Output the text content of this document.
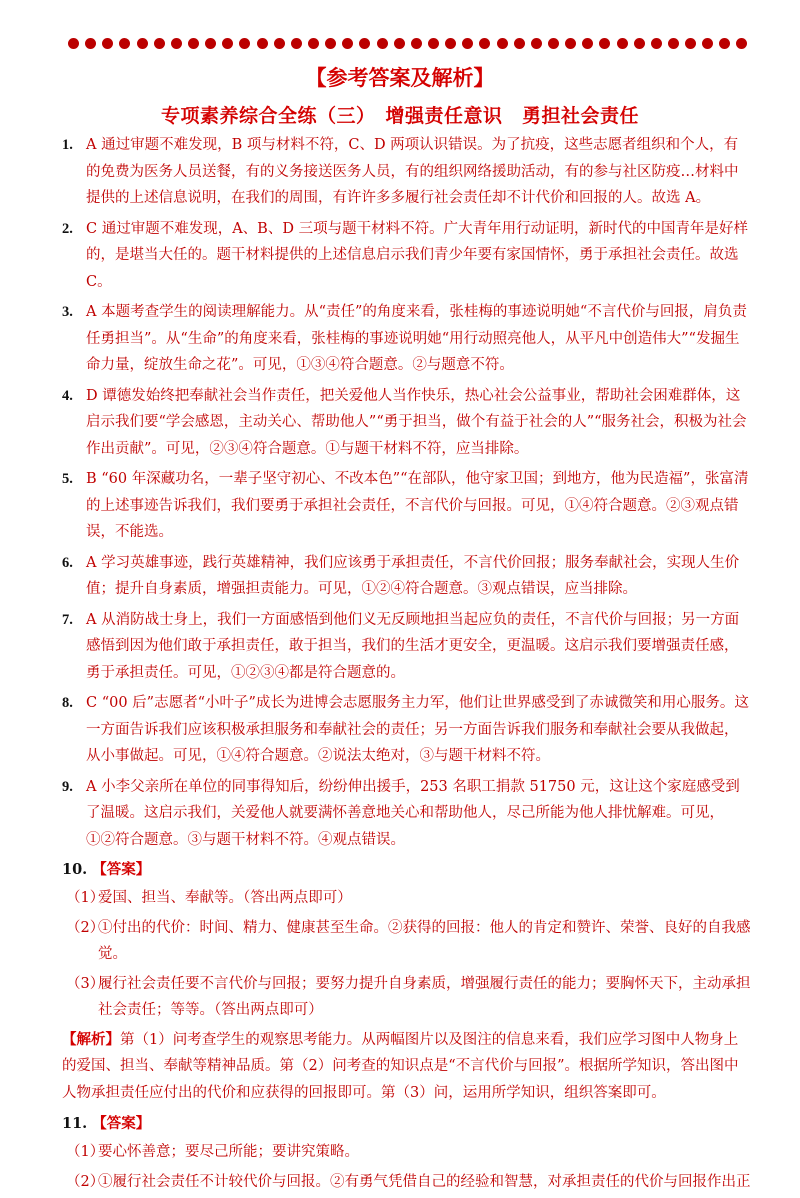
【参考答案及解析】
专项素养综合全练（三）　增强责任意识　勇担社会责任
1. A 通过审题不难发现，B 项与材料不符，C、D 两项认识错误。为了抗疫，这些志愿者组织和个人，有的免费为医务人员送餐，有的义务接送医务人员，有的组织网络援助活动，有的参与社区防疫…材料中提供的上述信息说明，在我们的周围，有许许多多履行社会责任却不计代价和回报的人。故选 A。
2. C 通过审题不难发现，A、B、D 三项与题干材料不符。广大青年用行动证明，新时代的中国青年是好样的，是堪当大任的。题干材料提供的上述信息启示我们青少年要有家国情怀，勇于承担社会责任。故选 C。
3. A 本题考查学生的阅读理解能力。从“责任”的角度来看，张桂梅的事迹说明她“不言代价与回报，肩负责任勇担当”。从“生命”的角度来看，张桂梅的事迹说明她“用行动照亮他人，从平凡中创造伟大”“发掘生命力量，绽放生命之花”。可见，①③④符合题意。②与题意不符。
4. D 谭德发始终把奉献社会当作责任，把关爱他人当作快乐，热心社会公益事业，帮助社会困难群体，这启示我们要“学会感恩，主动关心、帮助他人”“勇于担当，做个有益于社会的人”“服务社会，积极为社会作出贡献”。可见，②③④符合题意。①与题干材料不符，应当排除。
5. B “60 年深藏功名，一辈子坚守初心、不改本色”“在部队，他守家卫国；到地方，他为民造福”，张富清的上述事迹告诉我们，我们要勇于承担社会责任，不言代价与回报。可见，①④符合题意。②③观点错误，不能选。
6. A 学习英雄事迹，践行英雄精神，我们应该勇于承担责任，不言代价回报；服务奉献社会，实现人生价值；提升自身素质，增强担责能力。可见，①②④符合题意。③观点错误，应当排除。
7. A 从消防战士身上，我们一方面感悟到他们义无反顾地担当起应负的责任，不言代价与回报；另一方面感悟到因为他们敢于承担责任，敢于担当，我们的生活才更安全，更温暖。这启示我们要增强责任感，勇于承担责任。可见，①②③④都是符合题意的。
8. C “00 后”志愿者“小叶子”成长为进博会志愿服务主力军，他们让世界感受到了赤诚微笑和用心服务。这一方面告诉我们应该积极承担服务和奉献社会的责任；另一方面告诉我们服务和奉献社会要从我做起，从小事做起。可见，①④符合题意。②说法太绝对，③与题干材料不符。
9. A 小李父亲所在单位的同事得知后，纷纷伸出援手，253 名职工捐款 51750 元，这让这个家庭感受到了温暖。这启示我们，关爱他人就要满怀善意地关心和帮助他人，尽己所能为他人排忧解难。可见，①②符合题意。③与题干材料不符。④观点错误。
10. 【答案】
（1）
爱国、担当、奉献等。（答出两点即可）
（2）
①付出的代价：时间、精力、健康甚至生命。②获得的回报：他人的肯定和赞许、荣誉、良好的自我感觉。
（3）
履行社会责任要不言代价与回报；要努力提升自身素质，增强履行责任的能力；要胸怀天下，主动承担社会责任；等等。（答出两点即可）
【解析】第（1）问考查学生的观察思考能力。从两幅图片以及图注的信息来看，我们应学习图中人物身上的爱国、担当、奉献等精神品质。第（2）问考查的知识点是“不言代价与回报”。根据所学知识，答出图中人物承担责任应付出的代价和应获得的回报即可。第（3）问，运用所学知识，组织答案即可。
11. 【答案】
（1）
要心怀善意；要尽己所能；要讲究策略。
（2）
①履行社会责任不计较代价与回报。②有勇气凭借自己的经验和智慧，对承担责任的代价与回报作出正
